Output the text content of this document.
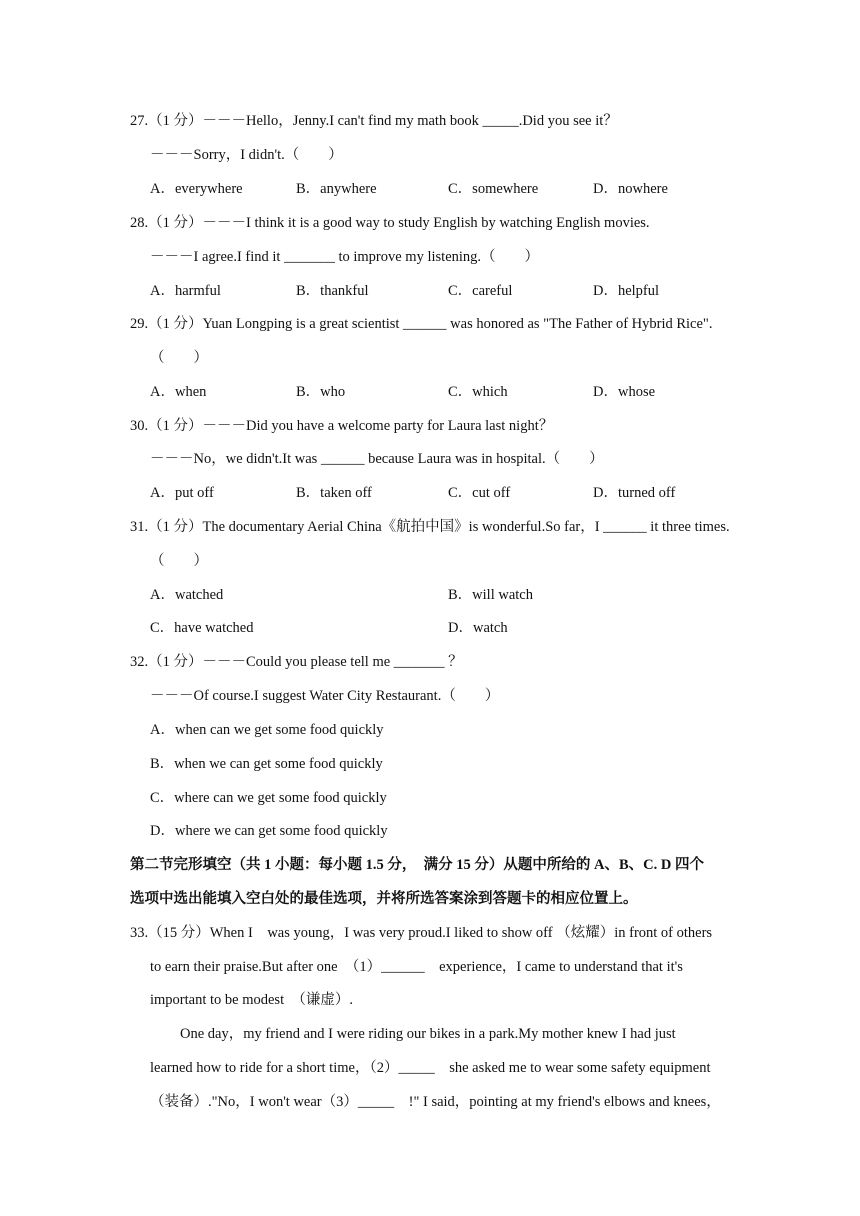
27.（1 分）－－－Hello，Jenny.I can't find my math book _____.Did you see it？
－－－Sorry，I didn't.（　　）
A．everywhere	B．anywhere	C．somewhere	D．nowhere
28.（1 分）－－－I think it is a good way to study English by watching English movies.
－－－I agree.I find it _______ to improve my listening.（　　）
A．harmful	B．thankful	C．careful	D．helpful
29.（1 分）Yuan Longping is a great scientist ______ was honored as "The Father of Hybrid Rice".
（　　）
A．when	B．who	C．which	D．whose
30.（1 分）－－－Did you have a welcome party for Laura last night？
－－－No，we didn't.It was ______ because Laura was in hospital.（　　）
A．put off	B．taken off	C．cut off	D．turned off
31.（1 分）The documentary Aerial China《航拍中国》is wonderful.So far，I ______ it three times.
（　　）
A．watched	B．will watch
C．have watched	D．watch
32.（1 分）－－－Could you please tell me _______ ？
－－－Of course.I suggest Water City Restaurant.（　　）
A．when can we get some food quickly
B．when we can get some food quickly
C．where can we get some food quickly
D．where we can get some food quickly
第二节完形填空（共 1 小题：每小题 1.5 分，　满分 15 分）从题中所给的 A、B、C. D 四个
选项中选出能填入空白处的最佳选项，并将所选答案涂到答题卡的相应位置上。
33.（15 分）When I　was young，I was very proud.I liked to show off （炫耀）in front of others
to earn their praise.But after one　（1）______　experience，I came to understand that it's
important to be modest　（谦虚）.
One day，my friend and I were riding our bikes in a park.My mother knew I had just
learned how to ride for a short time，（2）_____　she asked me to wear some safety equipment
（装备）."No，I won't wear（3）_____　!" I said，pointing at my friend's elbows and knees，
